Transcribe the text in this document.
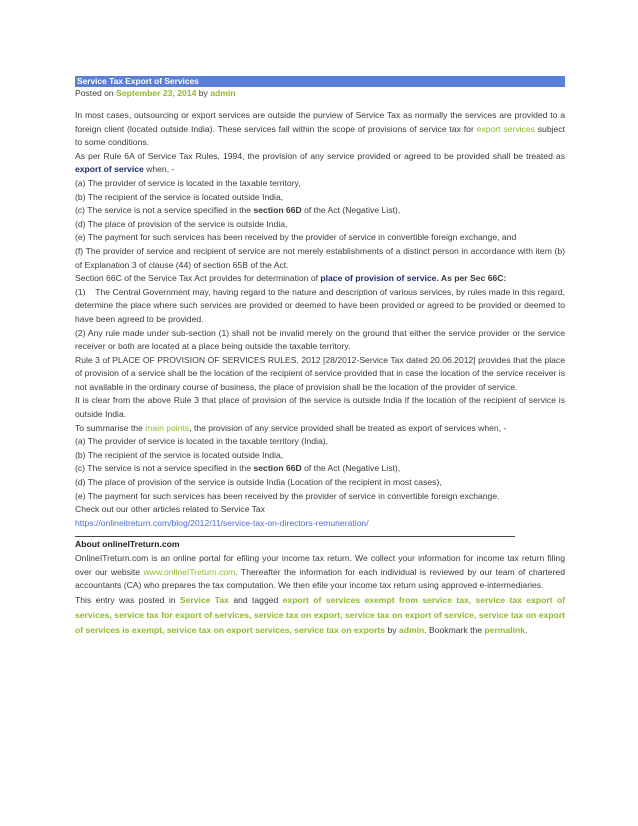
Service Tax Export of Services
Posted on September 23, 2014 by admin

In most cases, outsourcing or export services are outside the purview of Service Tax as normally the services are provided to a foreign client (located outside India). These services fall within the scope of provisions of service tax for export services subject to some conditions.

As per Rule 6A of Service Tax Rules, 1994, the provision of any service provided or agreed to be provided shall be treated as export of service when, -

(a) The provider of service is located in the taxable territory,

(b) The recipient of the service is located outside India,

(c) The service is not a service specified in the section 66D of the Act (Negative List),

(d) The place of provision of the service is outside India,

(e) The payment for such services has been received by the provider of service in convertible foreign exchange, and

(f) The provider of service and recipient of service are not merely establishments of a distinct person in accordance with item (b) of Explanation 3 of clause (44) of section 65B of the Act.

Section 66C of the Service Tax Act provides for determination of place of provision of service. As per Sec 66C:

(1)    The Central Government may, having regard to the nature and description of various services, by rules made in this regard, determine the place where such services are provided or deemed to have been provided or agreed to be provided or deemed to have been agreed to be provided.

(2) Any rule made under sub-section (1) shall not be invalid merely on the ground that either the service provider or the service receiver or both are located at a place being outside the taxable territory.

Rule 3 of PLACE OF PROVISION OF SERVICES RULES, 2012 [28/2012-Service Tax dated 20.06.2012] provides that the place of provision of a service shall be the location of the recipient of service provided that in case the location of the service receiver is not available in the ordinary course of business, the place of provision shall be the location of the provider of service.

It is clear from the above Rule 3 that place of provision of the service is outside India if the location of the recipient of service is outside India.

To summarise the main points, the provision of any service provided shall be treated as export of services when, -

(a) The provider of service is located in the taxable territory (India),

(b) The recipient of the service is located outside India,

(c) The service is not a service specified in the section 66D of the Act (Negative List),

(d) The place of provision of the service is outside India (Location of the recipient in most cases),

(e) The payment for such services has been received by the provider of service in convertible foreign exchange.

Check out our other articles related to Service Tax

https://onlineitreturn.com/blog/2012/11/service-tax-on-directors-remuneration/

About onlineITreturn.com

OnlineITreturn.com is an online portal for efiling your income tax return. We collect your information for income tax return filing over our website www.onlineITreturn.com. Thereafter the information for each individual is reviewed by our team of chartered accountants (CA) who prepares the tax computation. We then efile your income tax return using approved e-intermediaries.

This entry was posted in Service Tax and tagged export of services exempt from service tax, service tax export of services, service tax for export of services, service tax on export, service tax on export of service, service tax on export of services is exempt, service tax on export services, service tax on exports by admin. Bookmark the permalink.
